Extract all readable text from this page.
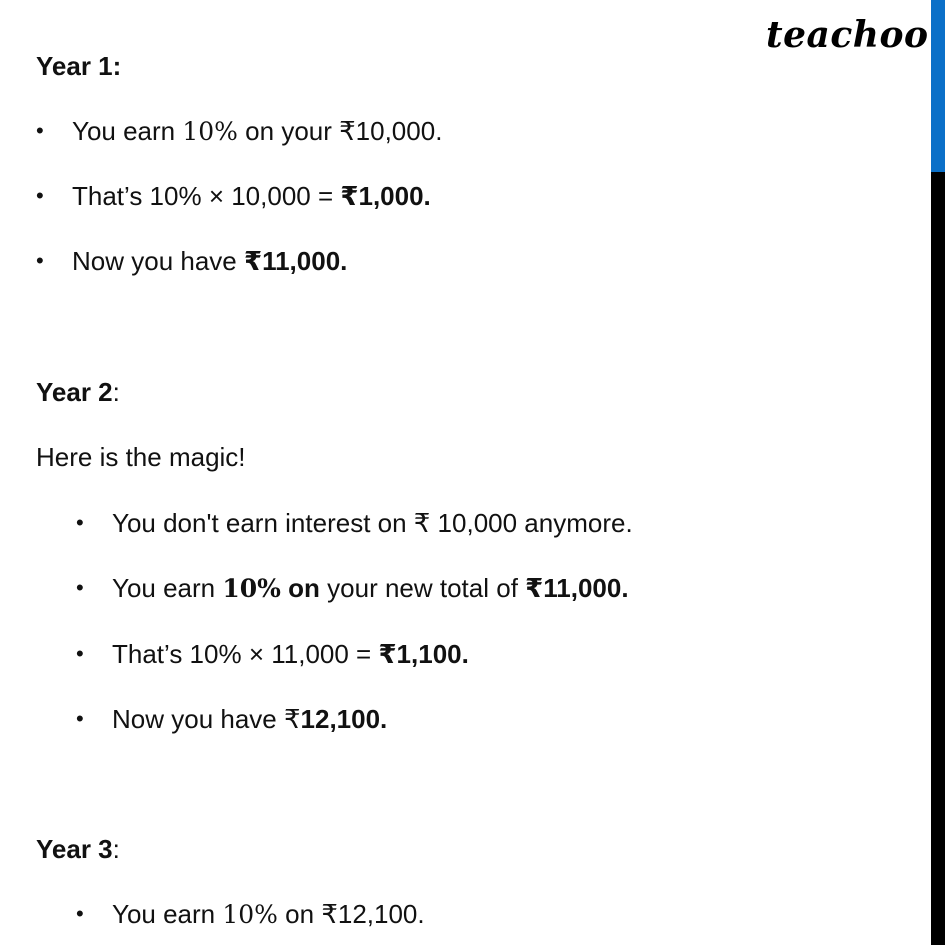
teachoo
Year 1:
• You earn 10% on your ₹10,000.
• That’s 10% × 10,000 = ₹1,000.
• Now you have ₹11,000.
Year 2:
Here is the magic!
• You don't earn interest on ₹ 10,000 anymore.
• You earn 10% on your new total of ₹11,000.
• That’s 10% × 11,000 = ₹1,100.
• Now you have ₹12,100.
Year 3:
• You earn 10% on ₹12,100.
